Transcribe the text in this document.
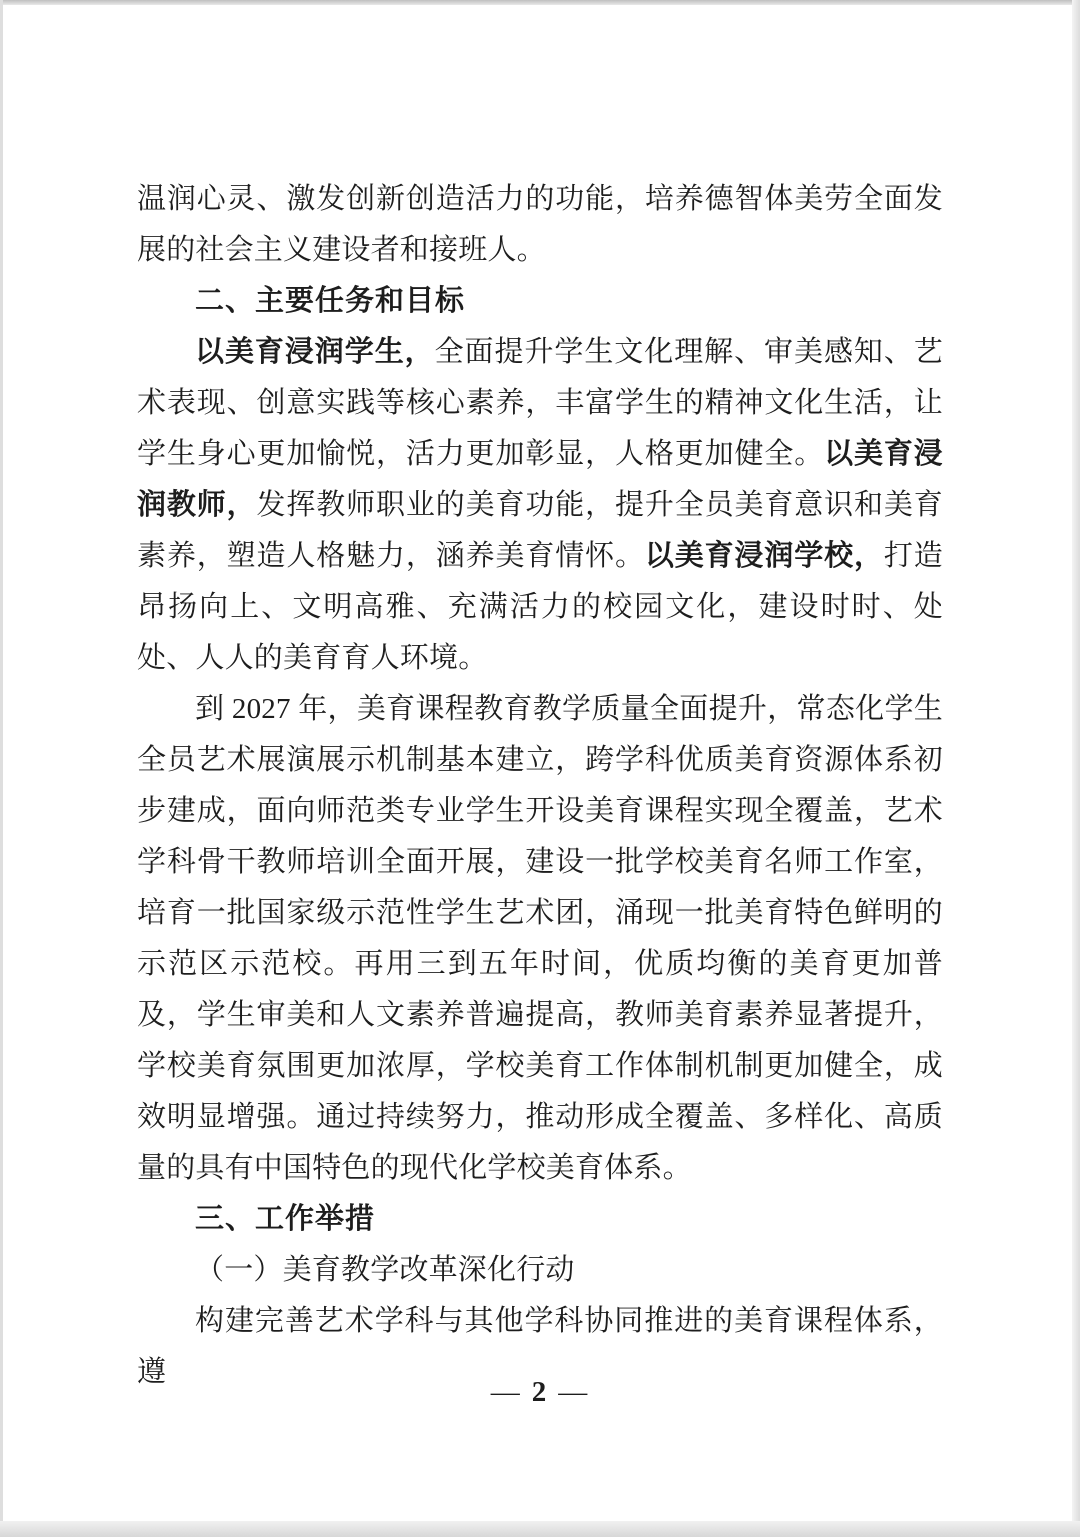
温润心灵、激发创新创造活力的功能，培养德智体美劳全面发展的社会主义建设者和接班人。

二、主要任务和目标

以美育浸润学生，全面提升学生文化理解、审美感知、艺术表现、创意实践等核心素养，丰富学生的精神文化生活，让学生身心更加愉悦，活力更加彰显，人格更加健全。以美育浸润教师，发挥教师职业的美育功能，提升全员美育意识和美育素养，塑造人格魅力，涵养美育情怀。以美育浸润学校，打造昂扬向上、文明高雅、充满活力的校园文化，建设时时、处处、人人的美育育人环境。

到 2027 年，美育课程教育教学质量全面提升，常态化学生全员艺术展演展示机制基本建立，跨学科优质美育资源体系初步建成，面向师范类专业学生开设美育课程实现全覆盖，艺术学科骨干教师培训全面开展，建设一批学校美育名师工作室，培育一批国家级示范性学生艺术团，涌现一批美育特色鲜明的示范区示范校。再用三到五年时间，优质均衡的美育更加普及，学生审美和人文素养普遍提高，教师美育素养显著提升，学校美育氛围更加浓厚，学校美育工作体制机制更加健全，成效明显增强。通过持续努力，推动形成全覆盖、多样化、高质量的具有中国特色的现代化学校美育体系。

三、工作举措

（一）美育教学改革深化行动

构建完善艺术学科与其他学科协同推进的美育课程体系，遵

— 2 —
